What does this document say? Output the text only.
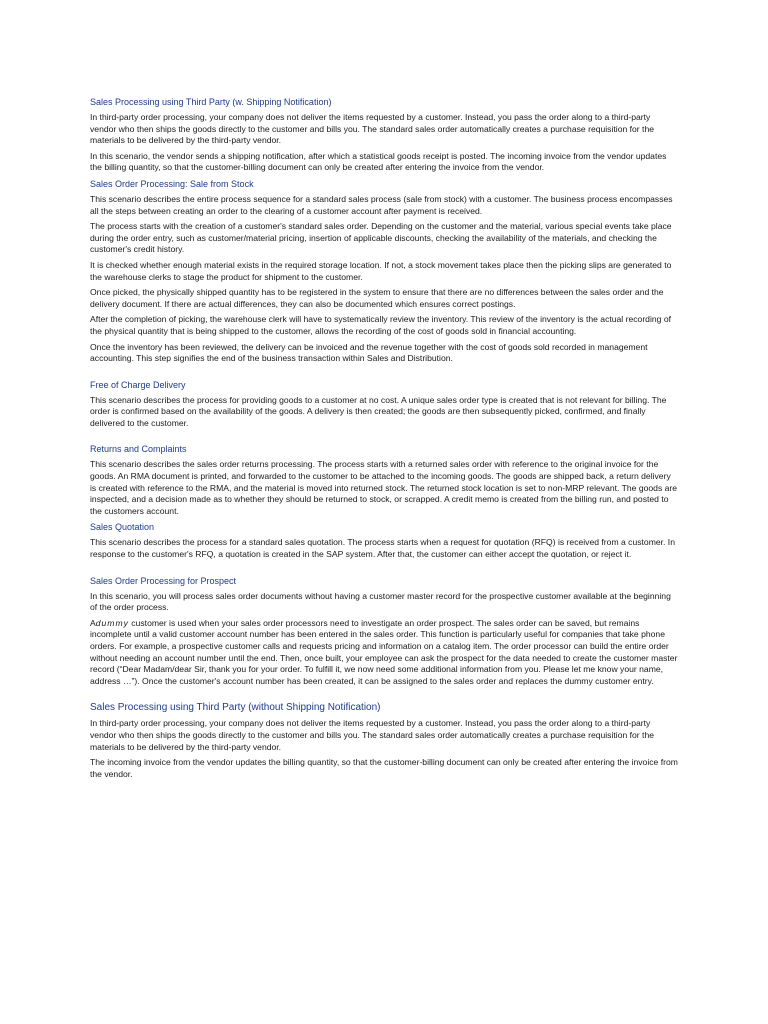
Sales Processing using Third Party (w. Shipping Notification)

In third-party order processing, your company does not deliver the items requested by a customer. Instead, you pass the order along to a third-party vendor who then ships the goods directly to the customer and bills you. The standard sales order automatically creates a purchase requisition for the materials to be delivered by the third-party vendor.

In this scenario, the vendor sends a shipping notification, after which a statistical goods receipt is posted. The incoming invoice from the vendor updates the billing quantity, so that the customer-billing document can only be created after entering the invoice from the vendor.

Sales Order Processing: Sale from Stock

This scenario describes the entire process sequence for a standard sales process (sale from stock) with a customer. The business process encompasses all the steps between creating an order to the clearing of a customer account after payment is received.

The process starts with the creation of a customer's standard sales order. Depending on the customer and the material, various special events take place during the order entry, such as customer/material pricing, insertion of applicable discounts, checking the availability of the materials, and checking the customer's credit history.

It is checked whether enough material exists in the required storage location. If not, a stock movement takes place then the picking slips are generated to the warehouse clerks to stage the product for shipment to the customer.

Once picked, the physically shipped quantity has to be registered in the system to ensure that there are no differences between the sales order and the delivery document. If there are actual differences, they can also be documented which ensures correct postings.

After the completion of picking, the warehouse clerk will have to systematically review the inventory. This review of the inventory is the actual recording of the physical quantity that is being shipped to the customer, allows the recording of the cost of goods sold in financial accounting.

Once the inventory has been reviewed, the delivery can be invoiced and the revenue together with the cost of goods sold recorded in management accounting. This step signifies the end of the business transaction within Sales and Distribution.

Free of Charge Delivery

This scenario describes the process for providing goods to a customer at no cost. A unique sales order type is created that is not relevant for billing. The order is confirmed based on the availability of the goods. A delivery is then created; the goods are then subsequently picked, confirmed, and finally delivered to the customer.

Returns and Complaints

This scenario describes the sales order returns processing. The process starts with a returned sales order with reference to the original invoice for the goods. An RMA document is printed, and forwarded to the customer to be attached to the incoming goods. The goods are shipped back, a return delivery is created with reference to the RMA, and the material is moved into returned stock. The returned stock location is set to non-MRP relevant. The goods are inspected, and a decision made as to whether they should be returned to stock, or scrapped. A credit memo is created from the billing run, and posted to the customers account.

Sales Quotation

This scenario describes the process for a standard sales quotation. The process starts when a request for quotation (RFQ) is received from a customer. In response to the customer's RFQ, a quotation is created in the SAP system. After that, the customer can either accept the quotation, or reject it.

Sales Order Processing for Prospect

In this scenario, you will process sales order documents without having a customer master record for the prospective customer available at the beginning of the order process.

Adummy customer is used when your sales order processors need to investigate an order prospect. The sales order can be saved, but remains incomplete until a valid customer account number has been entered in the sales order. This function is particularly useful for companies that take phone orders. For example, a prospective customer calls and requests pricing and information on a catalog item. The order processor can build the entire order without needing an account number until the end. Then, once built, your employee can ask the prospect for the data needed to create the customer master record (“Dear Madam/dear Sir, thank you for your order. To fulfill it, we now need some additional information from you. Please let me know your name, address …”). Once the customer's account number has been created, it can be assigned to the sales order and replaces the dummy customer entry.

Sales Processing using Third Party (without Shipping Notification)

In third-party order processing, your company does not deliver the items requested by a customer. Instead, you pass the order along to a third-party vendor who then ships the goods directly to the customer and bills you. The standard sales order automatically creates a purchase requisition for the materials to be delivered by the third-party vendor.

The incoming invoice from the vendor updates the billing quantity, so that the customer-billing document can only be created after entering the invoice from the vendor.
